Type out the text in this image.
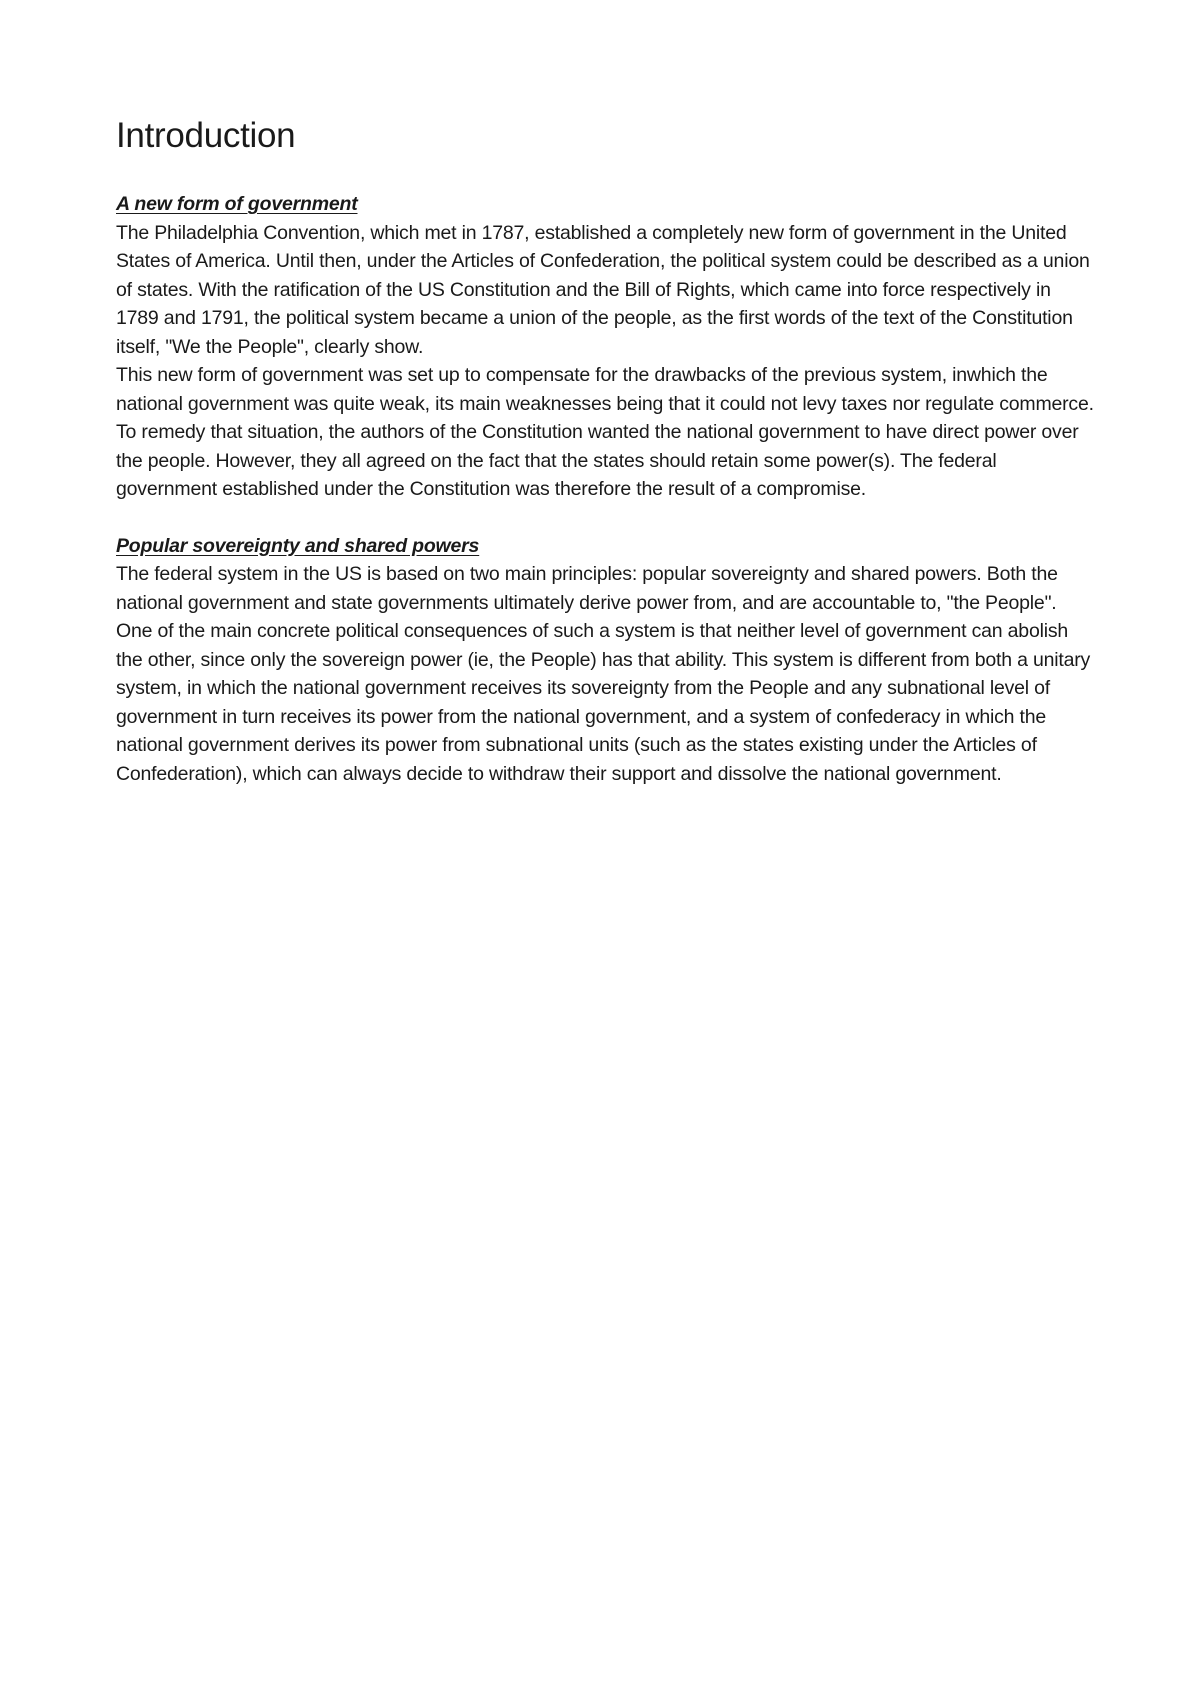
Introduction
A new form of government

The Philadelphia Convention, which met in 1787, established a completely new form of government in the United States of America. Until then, under the Articles of Confederation, the political system could be described as a union of states. With the ratification of the US Constitution and the Bill of Rights, which came into force respectively in 1789 and 1791, the political system became a union of the people, as the first words of the text of the Constitution itself, "We the People", clearly show.

This new form of government was set up to compensate for the drawbacks of the previous system, inwhich the national government was quite weak, its main weaknesses being that it could not levy taxes nor regulate commerce. To remedy that situation, the authors of the Constitution wanted the national government to have direct power over the people. However, they all agreed on the fact that the states should retain some power(s). The federal government established under the Constitution was therefore the result of a compromise.

Popular sovereignty and shared powers

The federal system in the US is based on two main principles: popular sovereignty and shared powers. Both the national government and state governments ultimately derive power from, and are accountable to, "the People". One of the main concrete political consequences of such a system is that neither level of government can abolish the other, since only the sovereign power (ie, the People) has that ability. This system is different from both a unitary system, in which the national government receives its sovereignty from the People and any subnational level of government in turn receives its power from the national government, and a system of confederacy in which the national government derives its power from subnational units (such as the states existing under the Articles of Confederation), which can always decide to withdraw their support and dissolve the national government.
